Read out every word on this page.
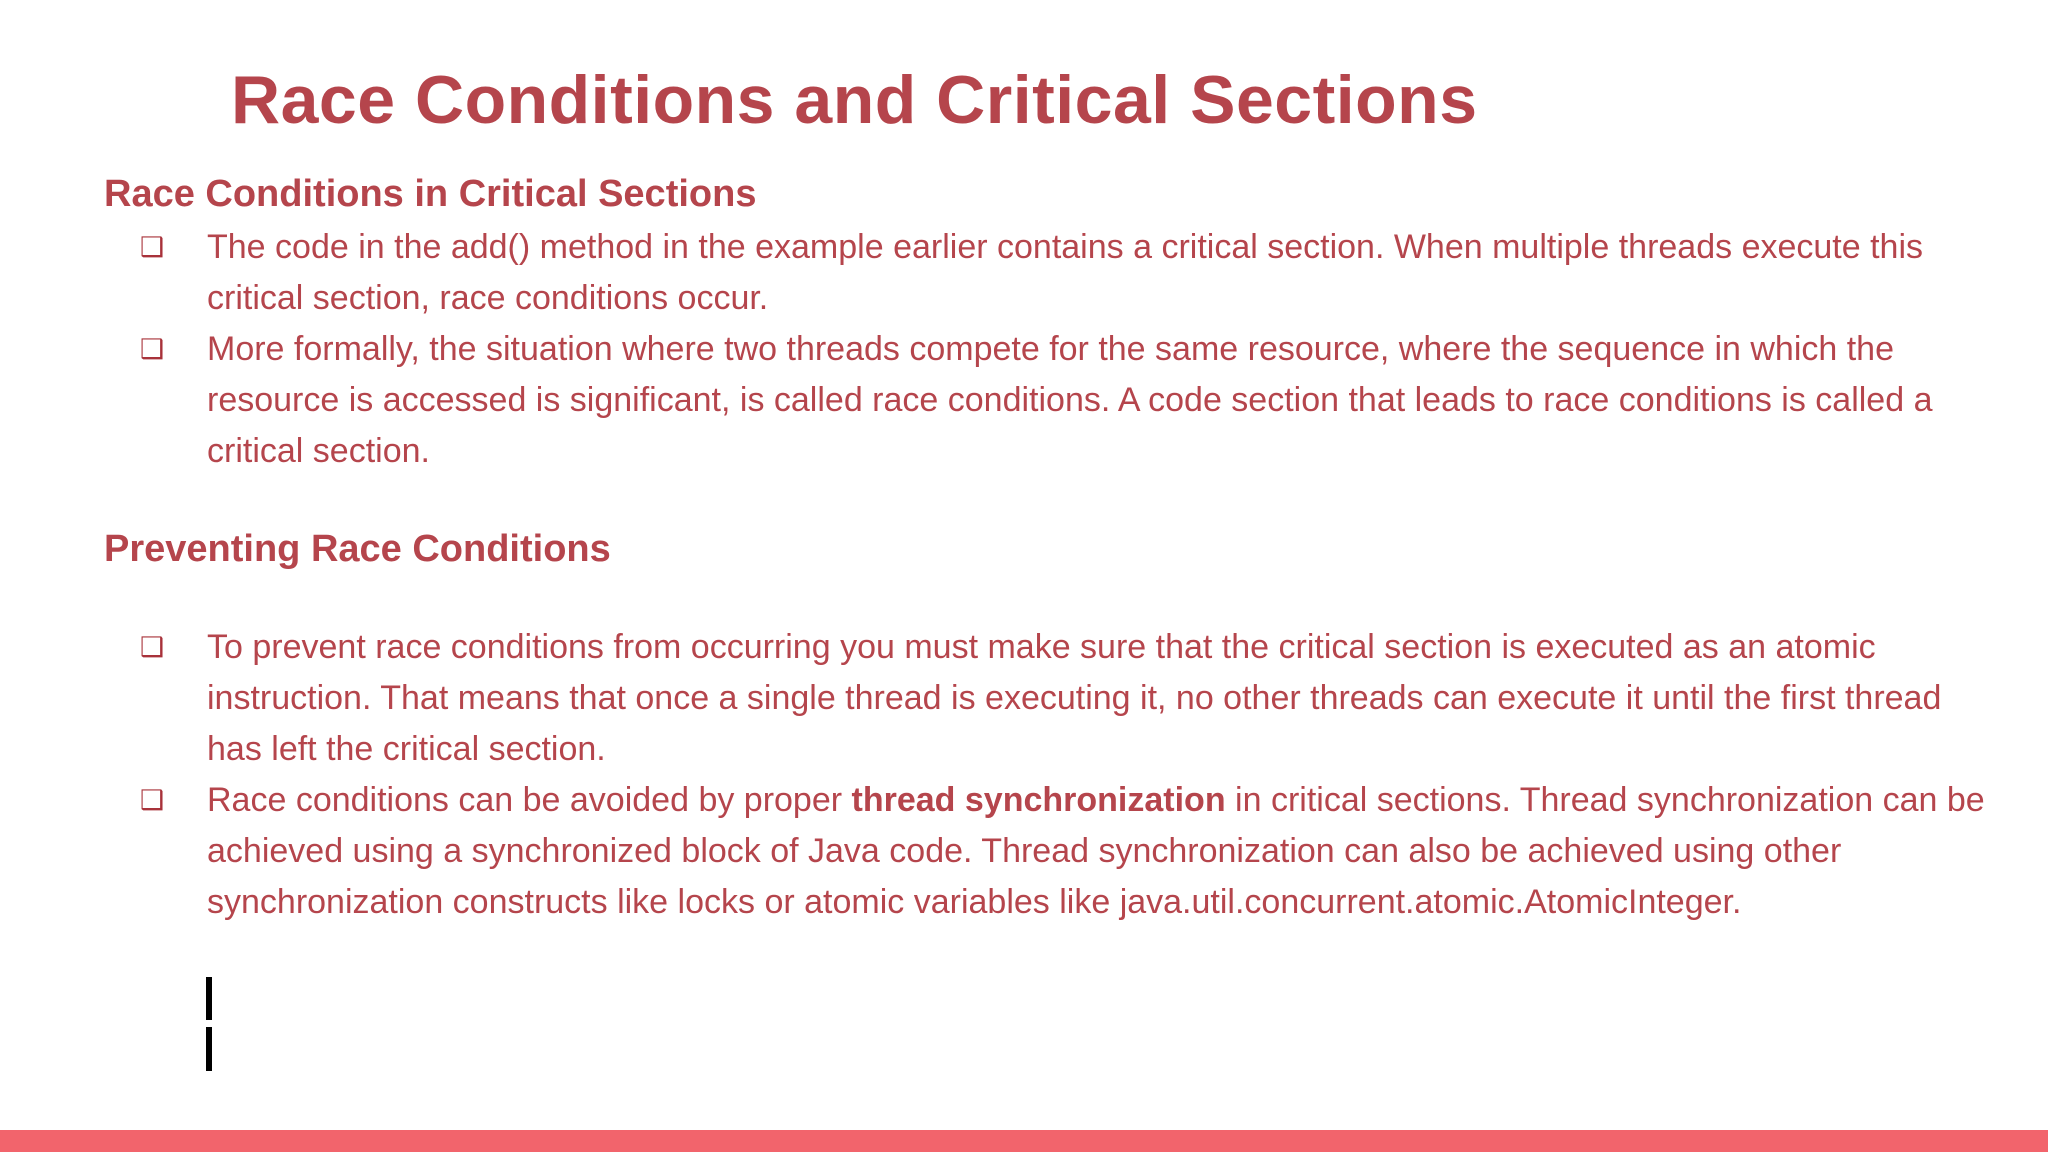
Race Conditions and Critical Sections
Race Conditions in Critical Sections
❑ The code in the add() method in the example earlier contains a critical section. When multiple threads execute this critical section, race conditions occur.
❑ More formally, the situation where two threads compete for the same resource, where the sequence in which the resource is accessed is significant, is called race conditions. A code section that leads to race conditions is called a critical section.
Preventing Race Conditions
❑ To prevent race conditions from occurring you must make sure that the critical section is executed as an atomic instruction. That means that once a single thread is executing it, no other threads can execute it until the first thread has left the critical section.
❑ Race conditions can be avoided by proper thread synchronization in critical sections. Thread synchronization can be achieved using a synchronized block of Java code. Thread synchronization can also be achieved using other synchronization constructs like locks or atomic variables like java.util.concurrent.atomic.AtomicInteger.
